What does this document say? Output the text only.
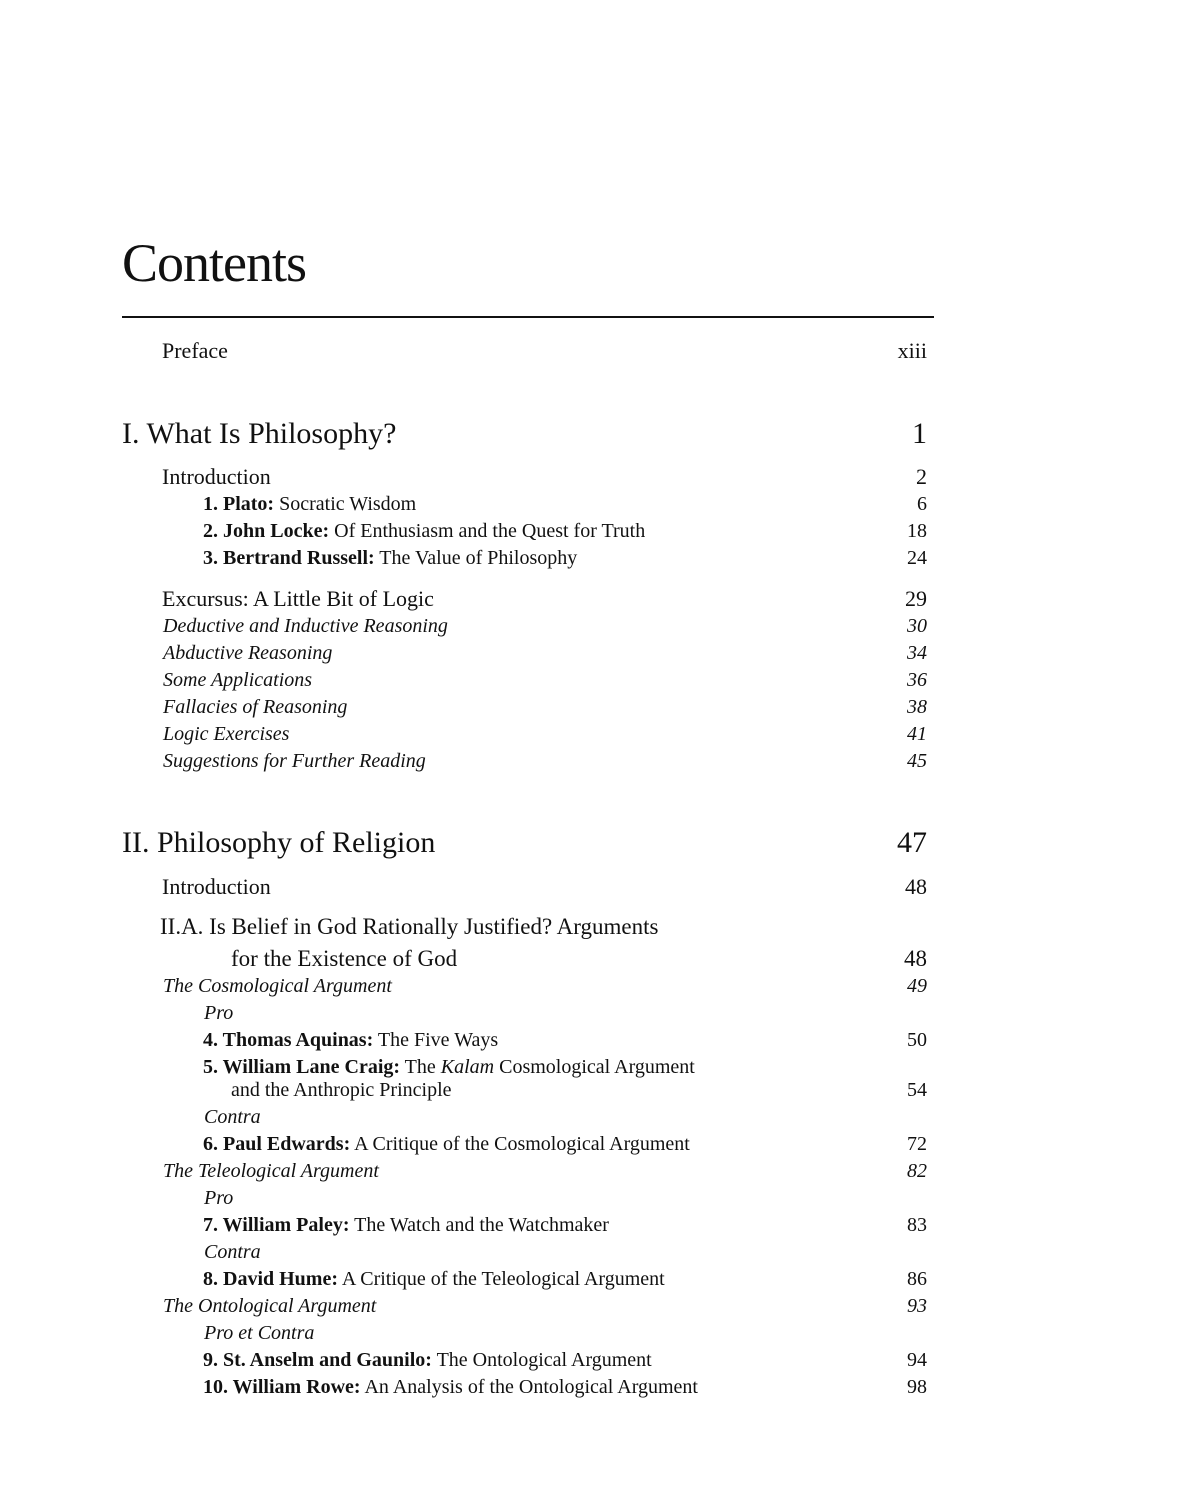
Contents
Preface	xiii
I. What Is Philosophy?	1
Introduction	2
1. Plato: Socratic Wisdom	6
2. John Locke: Of Enthusiasm and the Quest for Truth	18
3. Bertrand Russell: The Value of Philosophy	24
Excursus: A Little Bit of Logic	29
Deductive and Inductive Reasoning	30
Abductive Reasoning	34
Some Applications	36
Fallacies of Reasoning	38
Logic Exercises	41
Suggestions for Further Reading	45
II. Philosophy of Religion	47
Introduction	48
II.A. Is Belief in God Rationally Justified? Arguments
for the Existence of God	48
The Cosmological Argument	49
Pro
4. Thomas Aquinas: The Five Ways	50
5. William Lane Craig: The Kalam Cosmological Argument
and the Anthropic Principle	54
Contra
6. Paul Edwards: A Critique of the Cosmological Argument	72
The Teleological Argument	82
Pro
7. William Paley: The Watch and the Watchmaker	83
Contra
8. David Hume: A Critique of the Teleological Argument	86
The Ontological Argument	93
Pro et Contra
9. St. Anselm and Gaunilo: The Ontological Argument	94
10. William Rowe: An Analysis of the Ontological Argument	98
